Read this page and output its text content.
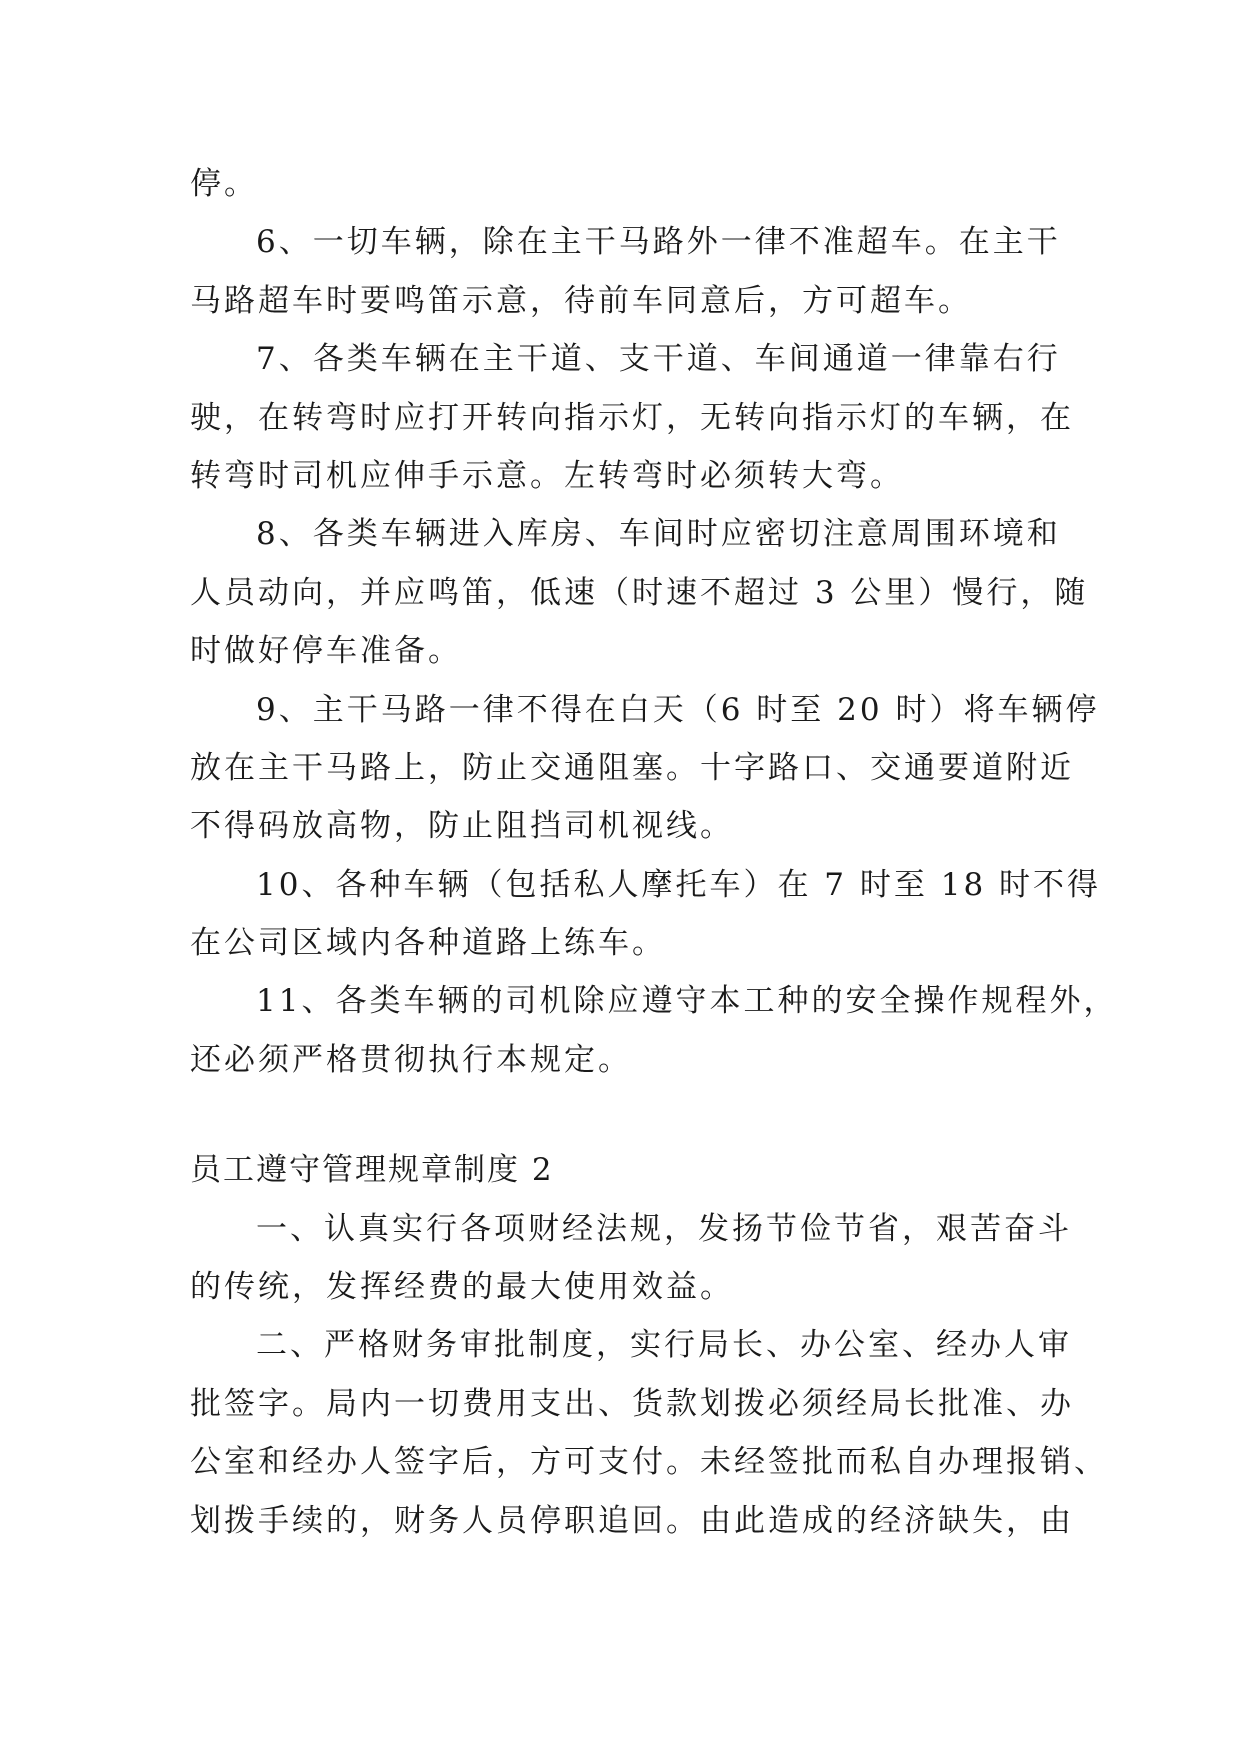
停。
6、一切车辆，除在主干马路外一律不准超车。在主干
马路超车时要鸣笛示意，待前车同意后，方可超车。
7、各类车辆在主干道、支干道、车间通道一律靠右行
驶，在转弯时应打开转向指示灯，无转向指示灯的车辆，在
转弯时司机应伸手示意。左转弯时必须转大弯。
8、各类车辆进入库房、车间时应密切注意周围环境和
人员动向，并应鸣笛，低速（时速不超过 3 公里）慢行，随
时做好停车准备。
9、主干马路一律不得在白天（6 时至 20 时）将车辆停
放在主干马路上，防止交通阻塞。十字路口、交通要道附近
不得码放高物，防止阻挡司机视线。
10、各种车辆（包括私人摩托车）在 7 时至 18 时不得
在公司区域内各种道路上练车。
11、各类车辆的司机除应遵守本工种的安全操作规程外，
还必须严格贯彻执行本规定。
员工遵守管理规章制度 2
一、认真实行各项财经法规，发扬节俭节省，艰苦奋斗
的传统，发挥经费的最大使用效益。
二、严格财务审批制度，实行局长、办公室、经办人审
批签字。局内一切费用支出、货款划拨必须经局长批准、办
公室和经办人签字后，方可支付。未经签批而私自办理报销、
划拨手续的，财务人员停职追回。由此造成的经济缺失，由
